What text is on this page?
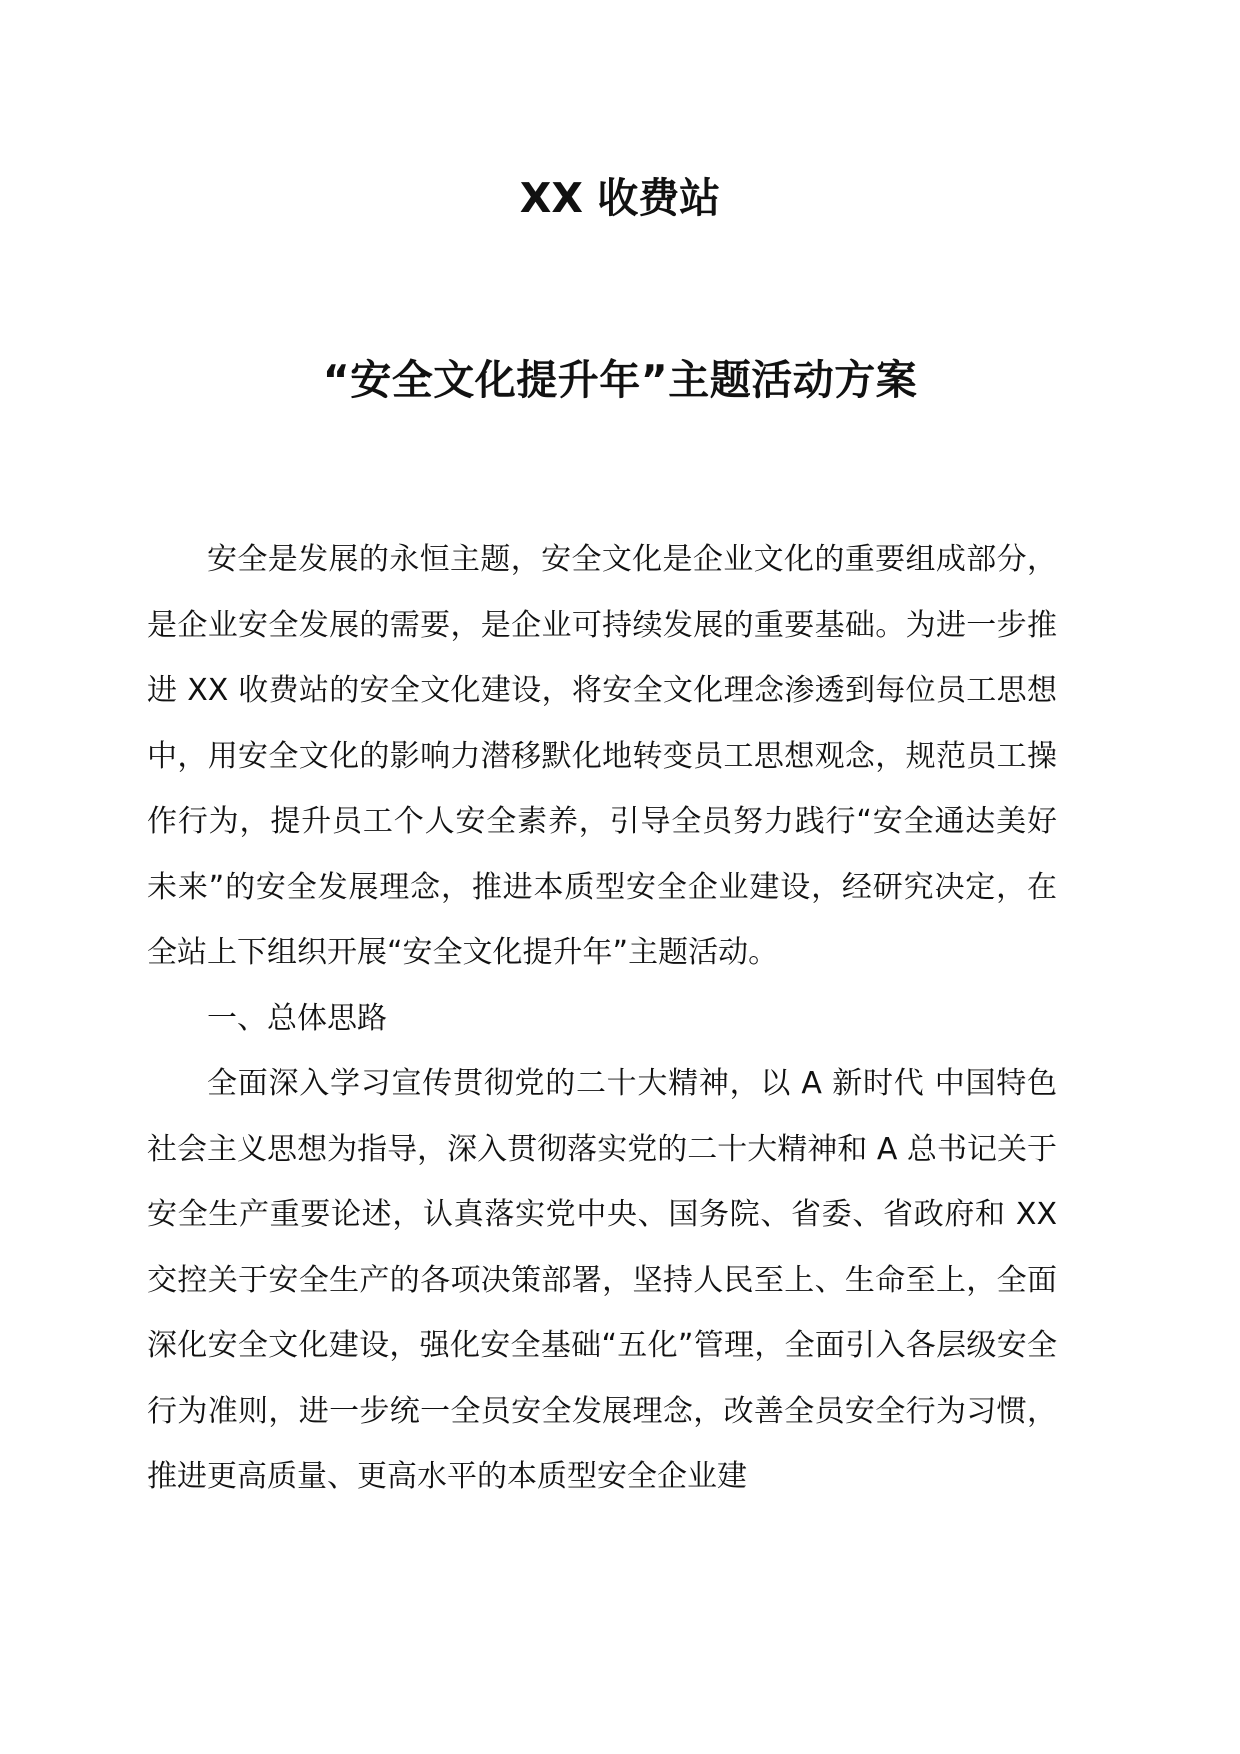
XX 收费站
“安全文化提升年”主题活动方案

安全是发展的永恒主题，安全文化是企业文化的重要组成部分，是企业安全发展的需要，是企业可持续发展的重要基础。为进一步推进 XX 收费站的安全文化建设，将安全文化理念渗透到每位员工思想中，用安全文化的影响力潜移默化地转变员工思想观念，规范员工操作行为，提升员工个人安全素养，引导全员努力践行“安全通达美好未来”的安全发展理念，推进本质型安全企业建设，经研究决定，在全站上下组织开展“安全文化提升年”主题活动。

一、总体思路

全面深入学习宣传贯彻党的二十大精神，以 A 新时代 中国特色社会主义思想为指导，深入贯彻落实党的二十大精神和 A 总书记关于安全生产重要论述，认真落实党中央、国务院、省委、省政府和 XX 交控关于安全生产的各项决策部署，坚持人民至上、生命至上，全面深化安全文化建设，强化安全基础“五化”管理，全面引入各层级安全行为准则，进一步统一全员安全发展理念，改善全员安全行为习惯，推进更高质量、更高水平的本质型安全企业建
